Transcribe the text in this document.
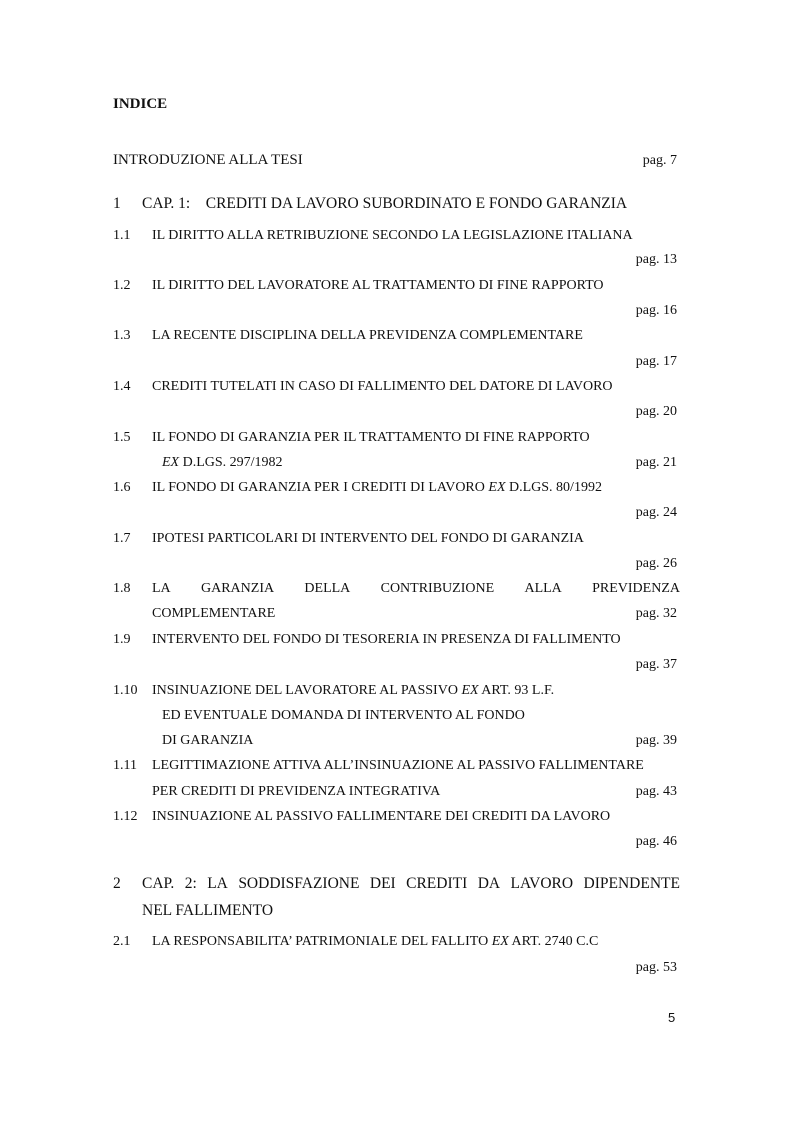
INDICE
INTRODUZIONE ALLA TESI	pag. 7
1 CAP. 1:    CREDITI DA LAVORO SUBORDINATO E FONDO GARANZIA
1.1 IL DIRITTO ALLA RETRIBUZIONE SECONDO LA LEGISLAZIONE ITALIANA
pag. 13
1.2 IL DIRITTO DEL LAVORATORE AL TRATTAMENTO DI FINE RAPPORTO
pag. 16
1.3 LA RECENTE DISCIPLINA DELLA PREVIDENZA COMPLEMENTARE
pag. 17
1.4 CREDITI TUTELATI IN CASO DI FALLIMENTO DEL DATORE DI LAVORO
pag. 20
1.5 IL FONDO DI GARANZIA PER IL TRATTAMENTO DI FINE RAPPORTO
EX D.LGS. 297/1982	pag. 21
1.6 IL FONDO DI GARANZIA PER I CREDITI DI LAVORO EX D.LGS. 80/1992
pag. 24
1.7 IPOTESI PARTICOLARI DI INTERVENTO DEL FONDO DI GARANZIA
pag. 26
1.8 LA GARANZIA DELLA CONTRIBUZIONE ALLA PREVIDENZA
COMPLEMENTARE	pag. 32
1.9 INTERVENTO DEL FONDO DI TESORERIA IN PRESENZA DI FALLIMENTO
pag. 37
1.10 INSINUAZIONE DEL LAVORATORE AL PASSIVO EX ART. 93 L.F.
ED EVENTUALE DOMANDA DI INTERVENTO AL FONDO
DI GARANZIA	pag. 39
1.11 LEGITTIMAZIONE ATTIVA ALL’INSINUAZIONE AL PASSIVO FALLIMENTARE
PER CREDITI DI PREVIDENZA INTEGRATIVA	pag. 43
1.12 INSINUAZIONE AL PASSIVO FALLIMENTARE DEI CREDITI DA LAVORO
pag. 46
2 CAP. 2: LA SODDISFAZIONE DEI CREDITI DA LAVORO DIPENDENTE
NEL FALLIMENTO
2.1 LA RESPONSABILITA’ PATRIMONIALE DEL FALLITO EX ART. 2740 C.C
pag. 53
5
